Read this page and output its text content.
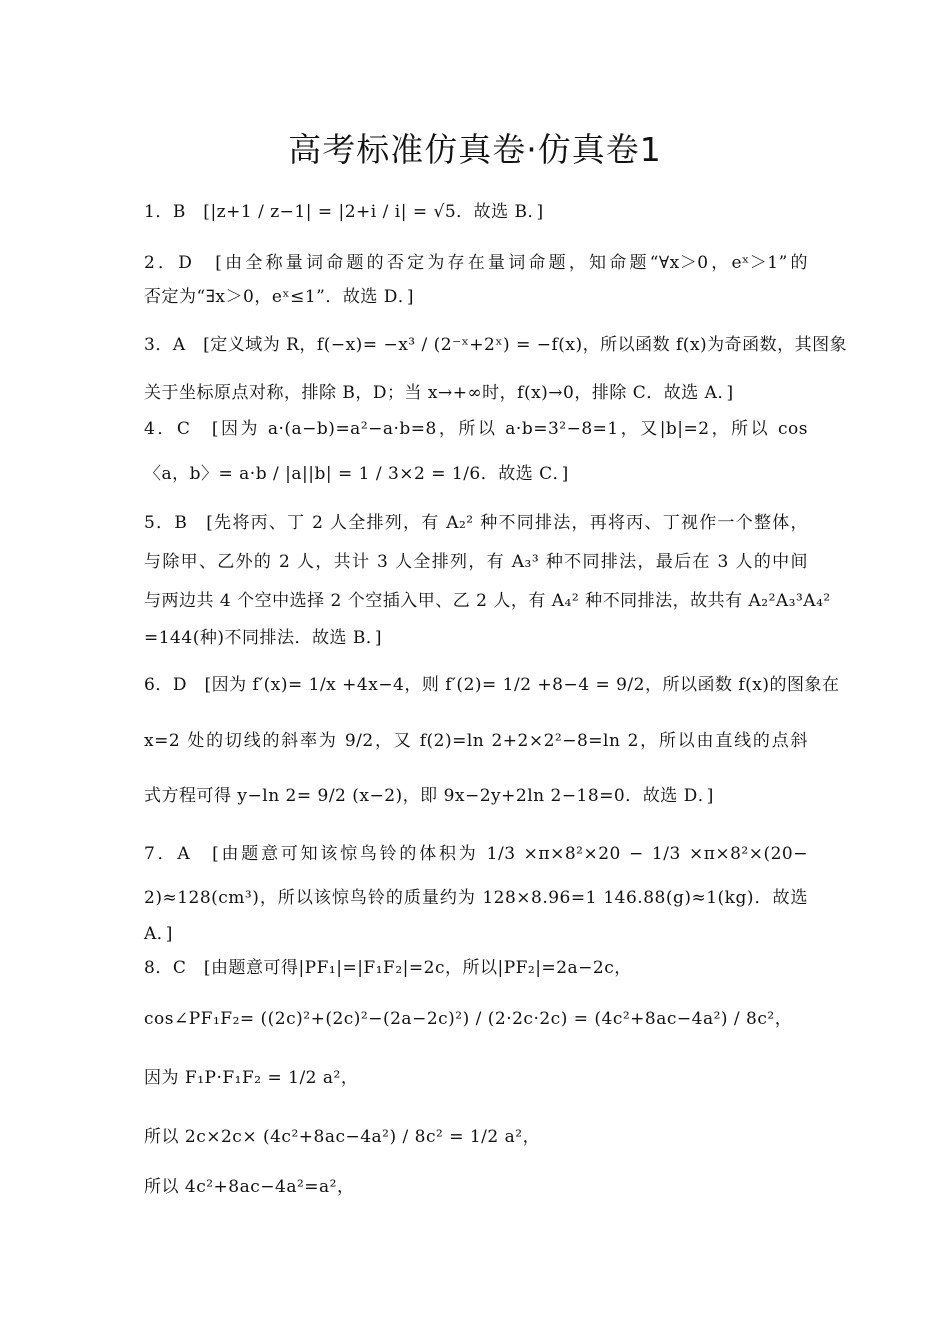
高考标准仿真卷·仿真卷1
1．B　[|z+1 / z−1| = |2+i / i| = √5．故选 B．]
2．D　[由全称量词命题的否定为存在量词命题，知命题“∀x＞0，eˣ＞1”的
否定为“∃x＞0，eˣ≤1”．故选 D．]
3．A　[定义域为 R，f(−x)= −x³ / (2⁻ˣ+2ˣ) = −f(x)，所以函数 f(x)为奇函数，其图象
关于坐标原点对称，排除 B，D；当 x→+∞时，f(x)→0，排除 C．故选 A．]
4．C　[因为 a·(a−b)=a²−a·b=8，所以 a·b=3²−8=1，又|b|=2，所以 cos
〈a，b〉= a·b / |a||b| = 1 / 3×2 = 1/6．故选 C．]
5．B　[先将丙、丁 2 人全排列，有 A₂² 种不同排法，再将丙、丁视作一个整体，
与除甲、乙外的 2 人，共计 3 人全排列，有 A₃³ 种不同排法，最后在 3 人的中间
与两边共 4 个空中选择 2 个空插入甲、乙 2 人，有 A₄² 种不同排法，故共有 A₂²A₃³A₄²
=144(种)不同排法．故选 B．]
6．D　[因为 f′(x)= 1/x +4x−4，则 f′(2)= 1/2 +8−4 = 9/2，所以函数 f(x)的图象在
x=2 处的切线的斜率为 9/2，又 f(2)=ln 2+2×2²−8=ln 2，所以由直线的点斜
式方程可得 y−ln 2= 9/2 (x−2)，即 9x−2y+2ln 2−18=0．故选 D．]
7．A　[由题意可知该惊鸟铃的体积为 1/3 ×π×8²×20 − 1/3 ×π×8²×(20−
2)≈128(cm³)，所以该惊鸟铃的质量约为 128×8.96=1 146.88(g)≈1(kg)．故选
A．]
8．C　[由题意可得|PF₁|=|F₁F₂|=2c，所以|PF₂|=2a−2c，
cos∠PF₁F₂= ((2c)²+(2c)²−(2a−2c)²) / (2·2c·2c) = (4c²+8ac−4a²) / 8c²，
因为 F₁P·F₁F₂ = 1/2 a²，
所以 2c×2c× (4c²+8ac−4a²) / 8c² = 1/2 a²，
所以 4c²+8ac−4a²=a²，
